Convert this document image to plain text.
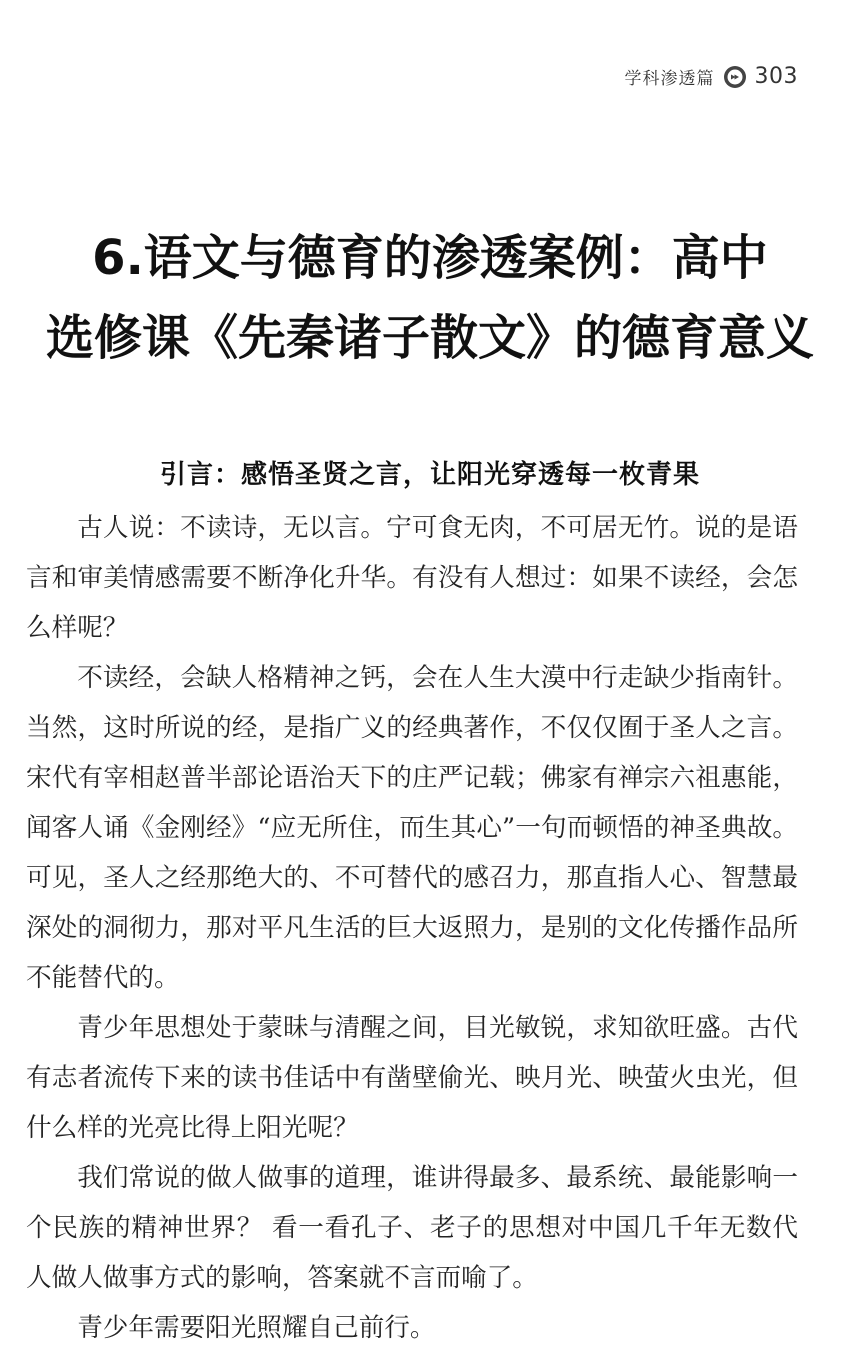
学科渗透篇 303
6.语文与德育的渗透案例：高中
选修课《先秦诸子散文》的德育意义
引言：感悟圣贤之言，让阳光穿透每一枚青果

古人说：不读诗，无以言。宁可食无肉，不可居无竹。说的是语言和审美情感需要不断净化升华。有没有人想过：如果不读经，会怎么样呢？

不读经，会缺人格精神之钙，会在人生大漠中行走缺少指南针。当然，这时所说的经，是指广义的经典著作，不仅仅囿于圣人之言。宋代有宰相赵普半部论语治天下的庄严记载；佛家有禅宗六祖惠能，闻客人诵《金刚经》“应无所住，而生其心”一句而顿悟的神圣典故。可见，圣人之经那绝大的、不可替代的感召力，那直指人心、智慧最深处的洞彻力，那对平凡生活的巨大返照力，是别的文化传播作品所不能替代的。

青少年思想处于蒙昧与清醒之间，目光敏锐，求知欲旺盛。古代有志者流传下来的读书佳话中有凿壁偷光、映月光、映萤火虫光，但什么样的光亮比得上阳光呢？

我们常说的做人做事的道理，谁讲得最多、最系统、最能影响一个民族的精神世界？ 看一看孔子、老子的思想对中国几千年无数代人做人做事方式的影响，答案就不言而喻了。

青少年需要阳光照耀自己前行。
